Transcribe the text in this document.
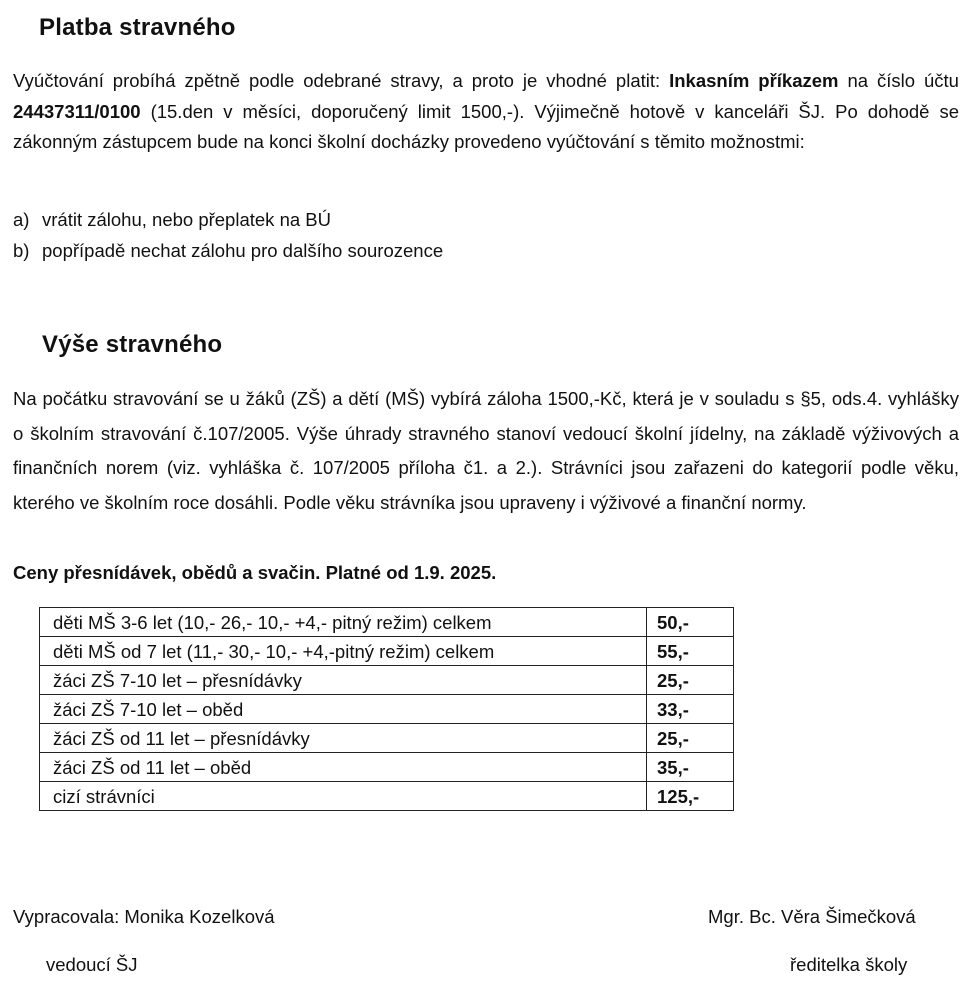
Platba stravného

Vyúčtování probíhá zpětně podle odebrané stravy, a proto je vhodné platit: Inkasním příkazem na číslo účtu 24437311/0100 (15.den v měsíci, doporučený limit 1500,-). Výjimečně hotově v kanceláři ŠJ. Po dohodě se zákonným zástupcem bude na konci školní docházky provedeno vyúčtování s těmito možnostmi:

a) vrátit zálohu, nebo přeplatek na BÚ
b) popřípadě nechat zálohu pro dalšího sourozence
Výše stravného

Na počátku stravování se u žáků (ZŠ) a dětí (MŠ) vybírá záloha 1500,-Kč, která je v souladu s §5, ods.4. vyhlášky o školním stravování č.107/2005. Výše úhrady stravného stanoví vedoucí školní jídelny, na základě výživových a finančních norem (viz. vyhláška č. 107/2005 příloha č1. a 2.). Strávníci jsou zařazeni do kategorií podle věku, kterého ve školním roce dosáhli. Podle věku strávníka jsou upraveny i výživové a finanční normy.

Ceny přesnídávek, obědů a svačin. Platné od 1.9. 2025.

děti MŠ 3-6 let (10,- 26,- 10,- +4,- pitný režim) celkem	50,-
děti MŠ od 7 let (11,- 30,- 10,- +4,-pitný režim) celkem	55,-
žáci ZŠ 7-10 let – přesnídávky	25,-
žáci ZŠ 7-10 let – oběd	33,-
žáci ZŠ od 11 let – přesnídávky	25,-
žáci ZŠ od 11 let – oběd	35,-
cizí strávníci	125,-

Vypracovala: Monika Kozelková

vedoucí ŠJ

Mgr. Bc. Věra Šimečková

ředitelka školy
